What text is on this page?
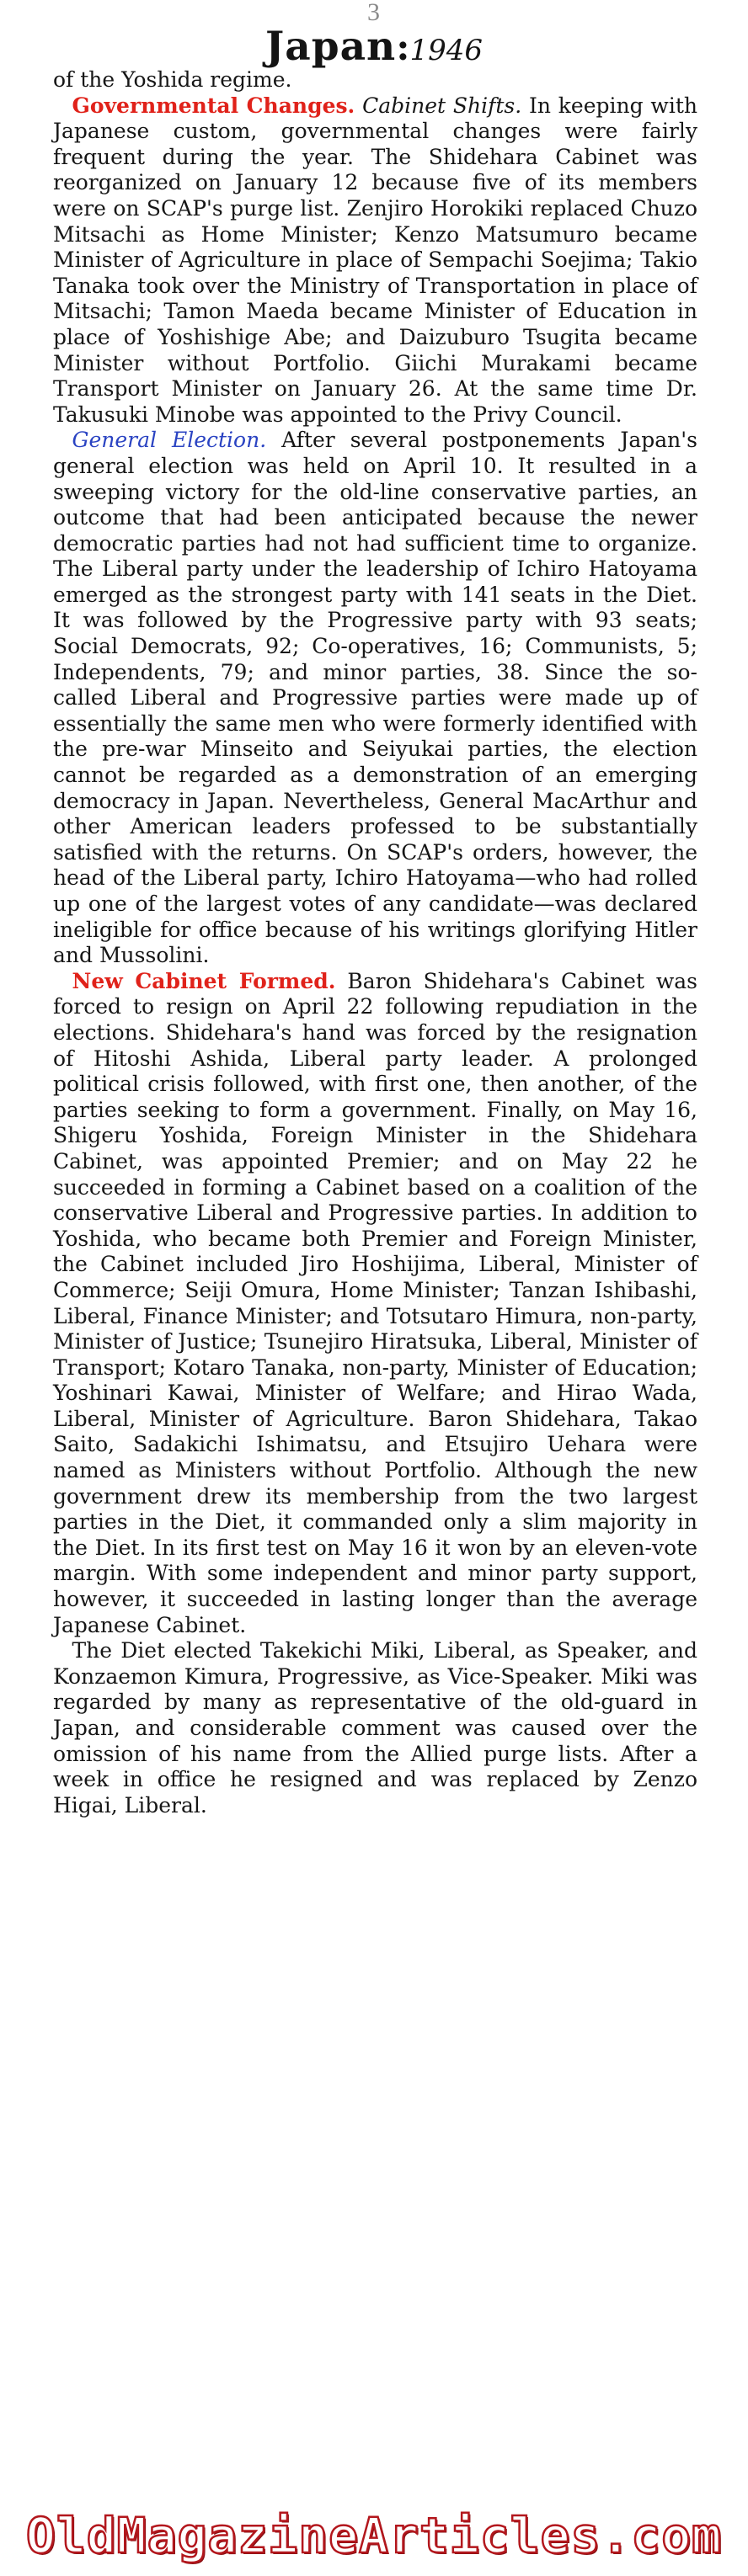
3
Japan:1946

of the Yoshida regime.

Governmental Changes. Cabinet Shifts. In keeping with Japanese custom, governmental changes were fairly frequent during the year. The Shidehara Cabinet was reorganized on January 12 because five of its members were on SCAP's purge list. Zenjiro Horokiki replaced Chuzo Mitsachi as Home Minister; Kenzo Matsumuro became Minister of Agriculture in place of Sempachi Soejima; Takio Tanaka took over the Ministry of Transportation in place of Mitsachi; Tamon Maeda became Minister of Education in place of Yoshishige Abe; and Daizuburo Tsugita became Minister without Portfolio. Giichi Murakami became Transport Minister on January 26. At the same time Dr. Takusuki Minobe was appointed to the Privy Council.

General Election. After several postponements Japan's general election was held on April 10. It resulted in a sweeping victory for the old-line conservative parties, an outcome that had been anticipated because the newer democratic parties had not had sufficient time to organize. The Liberal party under the leadership of Ichiro Hatoyama emerged as the strongest party with 141 seats in the Diet. It was followed by the Progressive party with 93 seats; Social Democrats, 92; Co-operatives, 16; Communists, 5; Independents, 79; and minor parties, 38. Since the so-called Liberal and Progressive parties were made up of essentially the same men who were formerly identified with the pre-war Minseito and Seiyukai parties, the election cannot be regarded as a demonstration of an emerging democracy in Japan. Nevertheless, General MacArthur and other American leaders professed to be substantially satisfied with the returns. On SCAP's orders, however, the head of the Liberal party, Ichiro Hatoyama—who had rolled up one of the largest votes of any candidate—was declared ineligible for office because of his writings glorifying Hitler and Mussolini.

New Cabinet Formed. Baron Shidehara's Cabinet was forced to resign on April 22 following repudiation in the elections. Shidehara's hand was forced by the resignation of Hitoshi Ashida, Liberal party leader. A prolonged political crisis followed, with first one, then another, of the parties seeking to form a government. Finally, on May 16, Shigeru Yoshida, Foreign Minister in the Shidehara Cabinet, was appointed Premier; and on May 22 he succeeded in forming a Cabinet based on a coalition of the conservative Liberal and Progressive parties. In addition to Yoshida, who became both Premier and Foreign Minister, the Cabinet included Jiro Hoshijima, Liberal, Minister of Commerce; Seiji Omura, Home Minister; Tanzan Ishibashi, Liberal, Finance Minister; and Totsutaro Himura, non-party, Minister of Justice; Tsunejiro Hiratsuka, Liberal, Minister of Transport; Kotaro Tanaka, non-party, Minister of Education; Yoshinari Kawai, Minister of Welfare; and Hirao Wada, Liberal, Minister of Agriculture. Baron Shidehara, Takao Saito, Sadakichi Ishimatsu, and Etsujiro Uehara were named as Ministers without Portfolio. Although the new government drew its membership from the two largest parties in the Diet, it commanded only a slim majority in the Diet. In its first test on May 16 it won by an eleven-vote margin. With some independent and minor party support, however, it succeeded in lasting longer than the average Japanese Cabinet.

The Diet elected Takekichi Miki, Liberal, as Speaker, and Konzaemon Kimura, Progressive, as Vice-Speaker. Miki was regarded by many as representative of the old-guard in Japan, and considerable comment was caused over the omission of his name from the Allied purge lists. After a week in office he resigned and was replaced by Zenzo Higai, Liberal.

OldMagazineArticles.com
